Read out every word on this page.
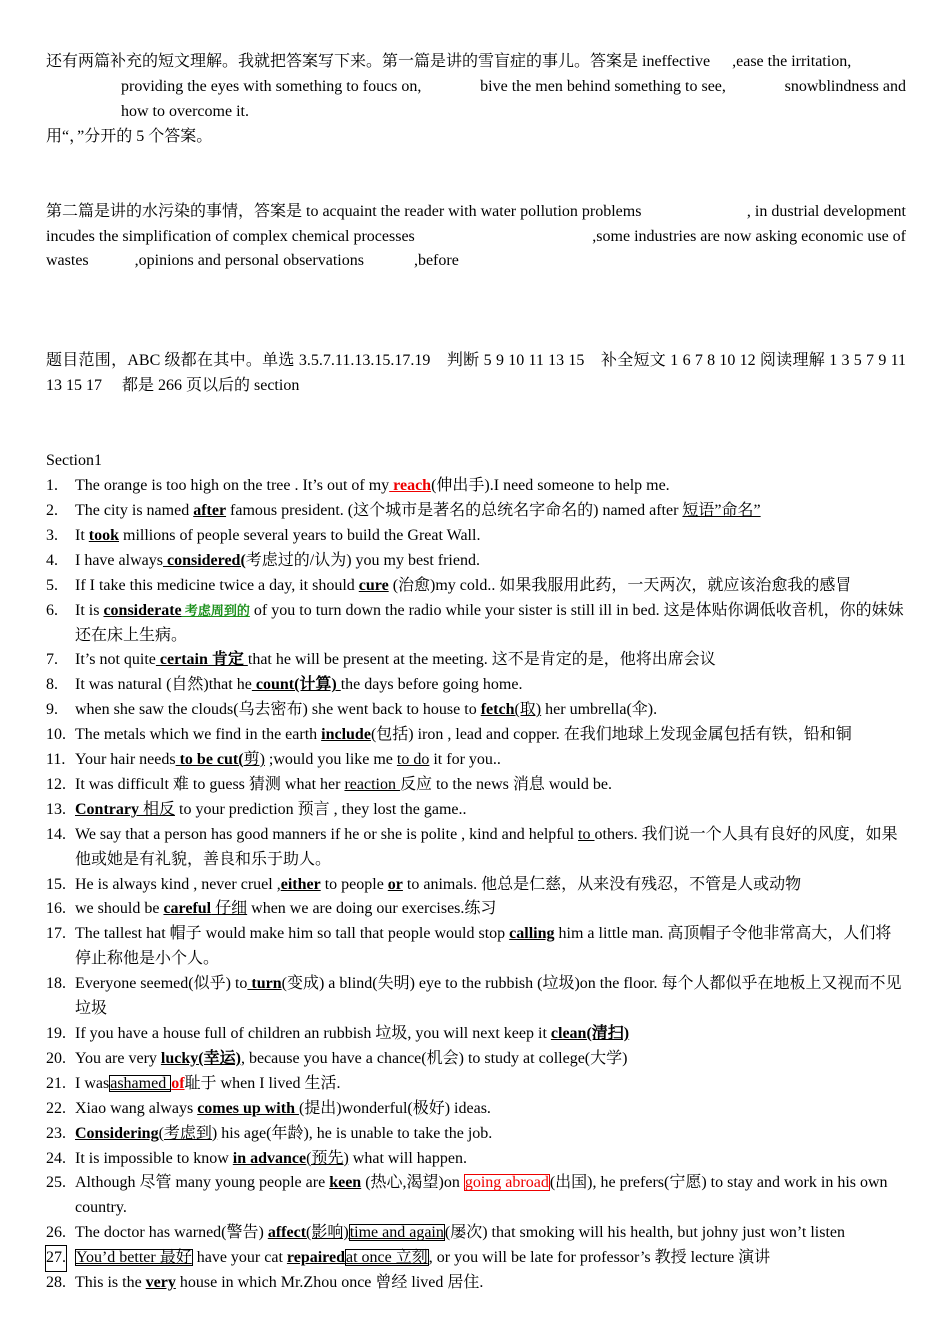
还有两篇补充的短文理解。我就把答案写下来。第一篇是讲的雪盲症的事儿。答案是 ineffective ,ease the irritation,

providing the eyes with something to foucs on,	bive the men behind something to see,	snowblindness and

how to overcome it.

用“，”分开的 5 个答案。

第二篇是讲的水污染的事情，答案是 to acquaint the reader with water pollution problems	, in dustrial development

incudes the simplification of complex chemical processes	,some industries are now asking economic use of

wastes	,opinions and personal observations	,before

题目范围，ABC 级都在其中。单选 3.5.7.11.13.15.17.19　判断 5 9 10 11 13 15　补全短文 1 6 7 8 10 12 阅读理解 1 3 5 7 9 11 13 15 17　 都是 266 页以后的 section

Section1

1. The orange is too high on the tree . It’s out of my reach(伸出手).I need someone to help me.
2. The city is named after famous president. (这个城市是著名的总统名字命名的) named after 短语”命名”
3. It took millions of people several years to build the Great Wall.
4. I have always considered(考虑过的/认为) you my best friend.
5. If I take this medicine twice a day, it should cure (治愈)my cold.. 如果我服用此药，一天两次，就应该治愈我的感冒
6. It is considerate 考虑周到的 of you to turn down the radio while your sister is still ill in bed. 这是体贴你调低收音机，你的妹妹还在床上生病。
7. It’s not quite certain 肯定 that he will be present at the meeting. 这不是肯定的是，他将出席会议
8. It was natural (自然)that he count(计算) the days before going home.
9. when she saw the clouds(乌去密布) she went back to house to fetch(取) her umbrella(伞).
10. The metals which we find in the earth include(包括) iron , lead and copper. 在我们地球上发现金属包括有铁，铅和铜
11. Your hair needs to be cut(剪) ;would you like me to do it for you..
12. It was difficult 难 to guess 猜测 what her reaction 反应 to the news 消息 would be.
13. Contrary 相反 to your prediction 预言 , they lost the game..
14. We say that a person has good manners if he or she is polite , kind and helpful to others. 我们说一个人具有良好的风度，如果他或她是有礼貌，善良和乐于助人。
15. He is always kind , never cruel ,either to people or to animals. 他总是仁慈，从来没有残忍，不管是人或动物
16. we should be careful 仔细 when we are doing our exercises.练习
17. The tallest hat 帽子 would make him so tall that people would stop calling him a little man. 高顶帽子令他非常高大，人们将停止称他是小个人。
18. Everyone seemed(似乎) to turn(变成) a blind(失明) eye to the rubbish (垃圾)on the floor. 每个人都似乎在地板上又视而不见垃圾
19. If you have a house full of children an rubbish 垃圾, you will next keep it clean(清扫)
20. You are very lucky(幸运), because you have a chance(机会) to study at college(大学)
21. I wasashamed of耻于 when I lived 生活.
22. Xiao wang always comes up with (提出)wonderful(极好) ideas.
23. Considering(考虑到) his age(年龄), he is unable to take the job.
24. It is impossible to know in advance(预先) what will happen.
25. Although 尽管 many young people are keen (热心,渴望)on going abroad(出国), he prefers(宁愿) to stay and work in his own country.
26. The doctor has warned(警告) affect(影响)time and again(屡次) that smoking will his health, but johny just won’t listen
27. You’d better 最好 have your cat repairedat once 立刻, or you will be late for professor’s 教授 lecture 演讲
28. This is the very house in which Mr.Zhou once 曾经 lived 居住.
